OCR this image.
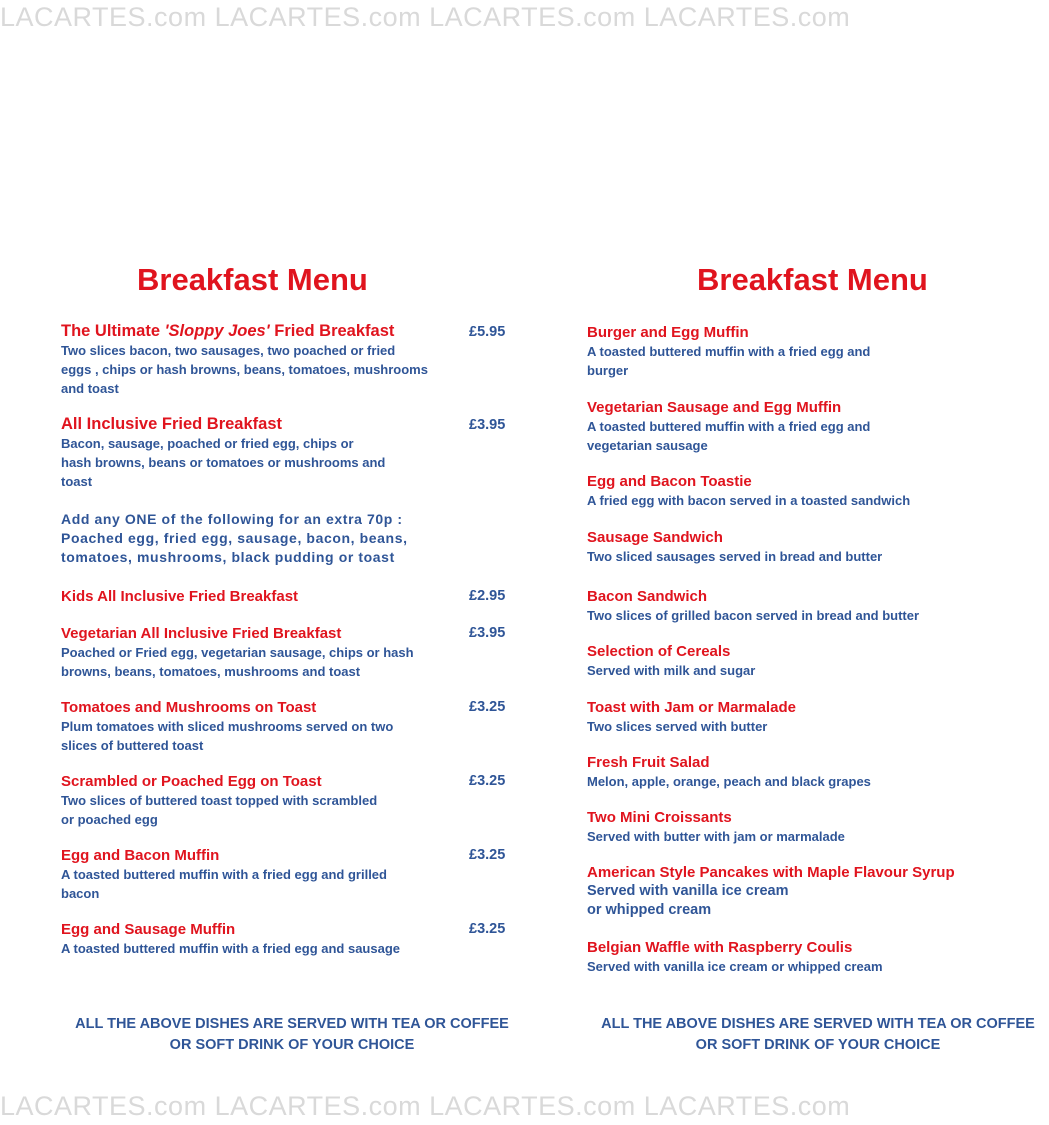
LACARTES.com LACARTES.com LACARTES.com LACARTES.com
Breakfast Menu
The Ultimate 'Sloppy Joes' Fried Breakfast
Two slices bacon, two sausages, two poached or fried
eggs , chips or hash browns, beans, tomatoes, mushrooms
and toast
£5.95
All Inclusive Fried Breakfast
Bacon, sausage, poached or fried egg, chips or
hash browns, beans or tomatoes or mushrooms and
toast
£3.95
Add any ONE of the following for an extra 70p :
Poached egg, fried egg, sausage, bacon, beans,
tomatoes, mushrooms, black pudding or toast
Kids All Inclusive Fried Breakfast	£2.95
Vegetarian All Inclusive Fried Breakfast
Poached or Fried egg, vegetarian sausage, chips or hash
browns, beans, tomatoes, mushrooms and toast
£3.95
Tomatoes and Mushrooms on Toast
Plum tomatoes with sliced mushrooms served on two
slices of buttered toast
£3.25
Scrambled or Poached Egg on Toast
Two slices of buttered toast topped with scrambled
or poached egg
£3.25
Egg and Bacon Muffin
A toasted buttered muffin with a fried egg and grilled
bacon
£3.25
Egg and Sausage Muffin
A toasted buttered muffin with a fried egg and sausage
£3.25
ALL THE ABOVE DISHES ARE SERVED WITH TEA OR COFFEE
OR SOFT DRINK OF YOUR CHOICE
Breakfast Menu
Burger and Egg Muffin
A toasted buttered muffin with a fried egg and
burger
Vegetarian Sausage and Egg Muffin
A toasted buttered muffin with a fried egg and
vegetarian sausage
Egg and Bacon Toastie
A fried egg with bacon served in a toasted sandwich
Sausage Sandwich
Two sliced sausages served in bread and butter
Bacon Sandwich
Two slices of grilled bacon served in bread and butter
Selection of Cereals
Served with milk and sugar
Toast with Jam or Marmalade
Two slices served with butter
Fresh Fruit Salad
Melon, apple, orange, peach and black grapes
Two Mini Croissants
Served with butter with jam or marmalade
American Style Pancakes with Maple Flavour Syrup
Served with vanilla ice cream
or whipped cream
Belgian Waffle with Raspberry Coulis
Served with vanilla ice cream or whipped cream
ALL THE ABOVE DISHES ARE SERVED WITH TEA OR COFFEE
OR SOFT DRINK OF YOUR CHOICE
LACARTES.com LACARTES.com LACARTES.com LACARTES.com
